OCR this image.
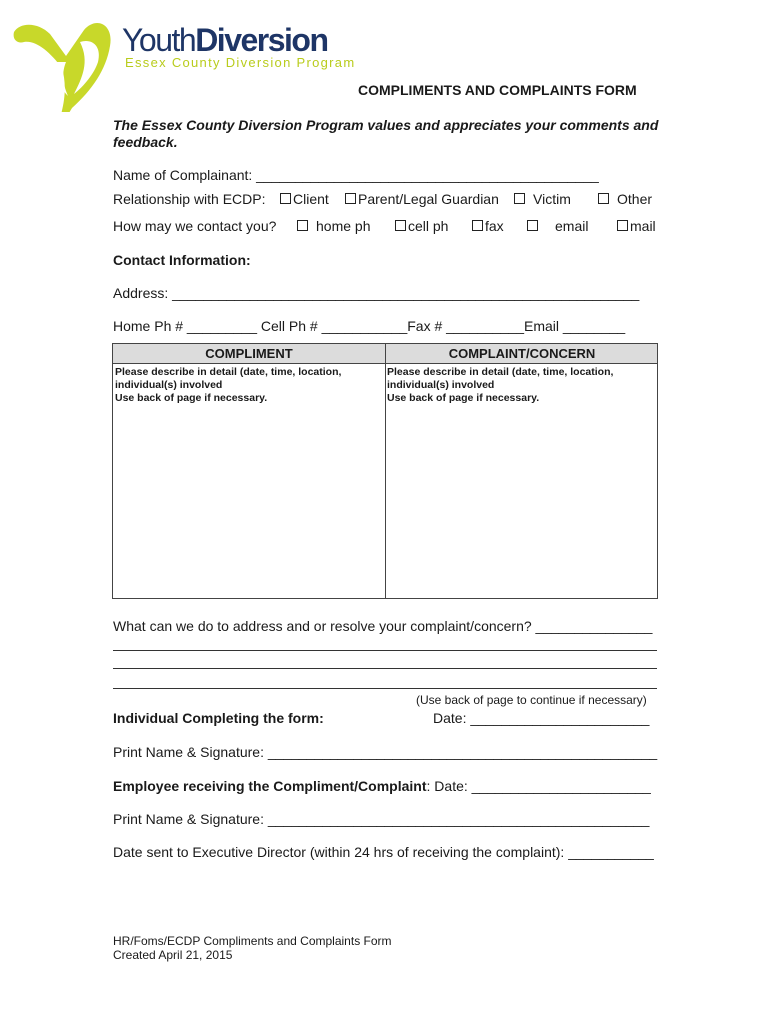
YouthDiversion
Essex County Diversion Program
COMPLIMENTS AND COMPLAINTS FORM
The Essex County Diversion Program values and appreciates your comments and feedback.
Name of Complainant: ____________________________________________
Relationship with ECDP:	Client	Parent/Legal Guardian	Victim	Other
How may we contact you?	home ph	cell ph	fax	email	mail
Contact Information:
Address: ____________________________________________________________
Home Ph # _________ Cell Ph # ___________Fax # __________Email ________
COMPLIMENT	COMPLAINT/CONCERN
Please describe in detail (date, time, location,
individual(s) involved
Use back of page if necessary.
Please describe in detail (date, time, location,
individual(s) involved
Use back of page if necessary.
What can we do to address and or resolve your complaint/concern? _______________
(Use back of page to continue if necessary)
Individual Completing the form:	Date: _______________________
Print Name & Signature: __________________________________________________
Employee receiving the Compliment/Complaint: Date: _______________________
Print Name & Signature: _________________________________________________
Date sent to Executive Director (within 24 hrs of receiving the complaint): ___________
HR/Foms/ECDP Compliments and Complaints Form
Created April 21, 2015
